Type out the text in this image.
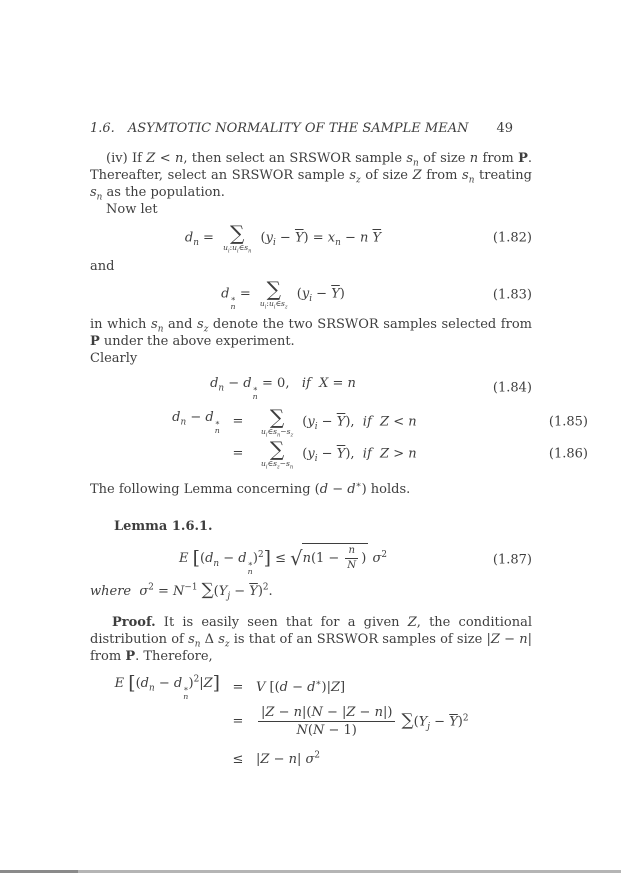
1.6. ASYMTOTIC NORMALITY OF THE SAMPLE MEAN 49

(iv) If Z < n, then select an SRSWOR sample $s_n$ of size n from P. Thereafter, select an SRSWOR sample $s_z$ of size Z from $s_n$ treating $s_n$ as the population.

Now let

$d_n$ = ∑
$u_i:u_i\in s_n$
$(y_i - \overline{Y}) = x_n - n$ $\overline{Y}$	(1.82)

and

d ∗
n
= ∑
$u_i:u_i\in s_z$
$(y_i - \overline{Y})$	(1.83)

in which $s_n$ and $s_z$ denote the two SRSWOR samples selected from P under the above experiment.

Clearly

$d_n - d$ ∗
n
= 0,   if X = n	(1.84)
$d_n - d$ ∗
n
=	∑
$u_i\in s_n-s_z$
$(y_i - \overline{Y})$,  if Z < n	(1.85)
=	∑
$u_i\in s_z-s_n$
$(y_i - \overline{Y})$,  if Z > n	(1.86)

The following Lemma concerning (d − d∗) holds.

Lemma 1.6.1.

E [($d_n - d$ ∗
n
)$^2] \le √n(1 - \frac{n}{N}$  ) $\sigma^2$	(1.87)

where $\sigma^2 = N^{-1}$ $\sum(Y_j - \overline{Y})^2$.

Proof. It is easily seen that for a given Z, the conditional distribution of $s_n$ Δ $s_z$ is that of an SRSWOR samples of size |Z − n| from P. Therefore,

E [($d_n - d$ ∗
n
)$^2$|Z] = V [(d − d∗)|Z]
=	$\frac{|Z - n|(N - |Z - n|)}{N(N - 1)} \sum(Y_j - \overline{Y})^2$
≤ |Z − n| $\sigma^2$
